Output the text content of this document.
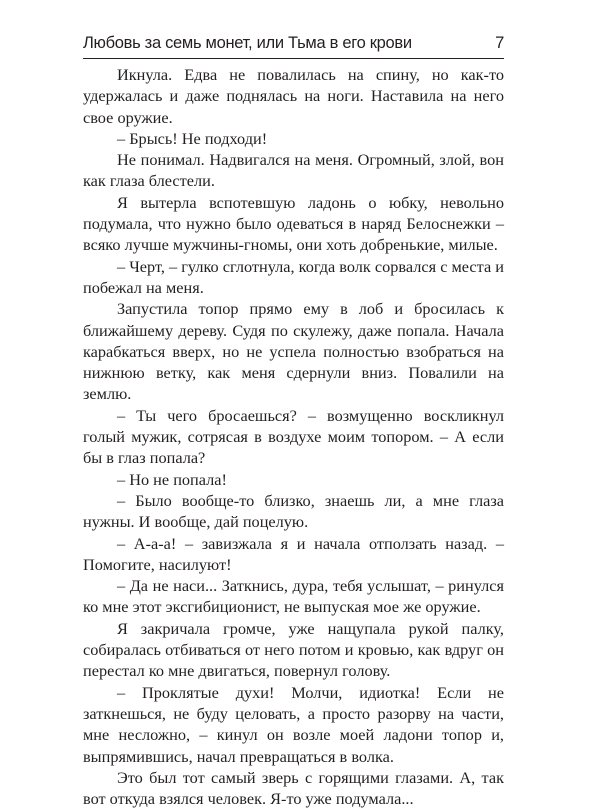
Любовь за семь монет, или Тьма в его крови	7

Икнула. Едва не повалилась на спину, но как-то удержалась и даже поднялась на ноги. Наставила на него свое оружие.

– Брысь! Не подходи!

Не понимал. Надвигался на меня. Огромный, злой, вон как глаза блестели.

Я вытерла вспотевшую ладонь о юбку, невольно подумала, что нужно было одеваться в наряд Белоснежки – всяко лучше мужчины-гномы, они хоть добренькие, милые.

– Черт, – гулко сглотнула, когда волк сорвался с места и побежал на меня.

Запустила топор прямо ему в лоб и бросилась к ближайшему дереву. Судя по скулежу, даже попала. Начала карабкаться вверх, но не успела полностью взобраться на нижнюю ветку, как меня сдернули вниз. Повалили на землю.

– Ты чего бросаешься? – возмущенно воскликнул голый мужик, сотрясая в воздухе моим топором. – А если бы в глаз попала?

– Но не попала!

– Было вообще-то близко, знаешь ли, а мне глаза нужны. И вообще, дай поцелую.

– А-а-а! – завизжала я и начала отползать назад. – Помогите, насилуют!

– Да не наси... Заткнись, дура, тебя услышат, – ринулся ко мне этот эксгибиционист, не выпуская мое же оружие.

Я закричала громче, уже нащупала рукой палку, собиралась отбиваться от него потом и кровью, как вдруг он перестал ко мне двигаться, повернул голову.

– Проклятые духи! Молчи, идиотка! Если не заткнешься, не буду целовать, а просто разорву на части, мне несложно, – кинул он возле моей ладони топор и, выпрямившись, начал превращаться в волка.

Это был тот самый зверь с горящими глазами. А, так вот откуда взялся человек. Я-то уже подумала...
